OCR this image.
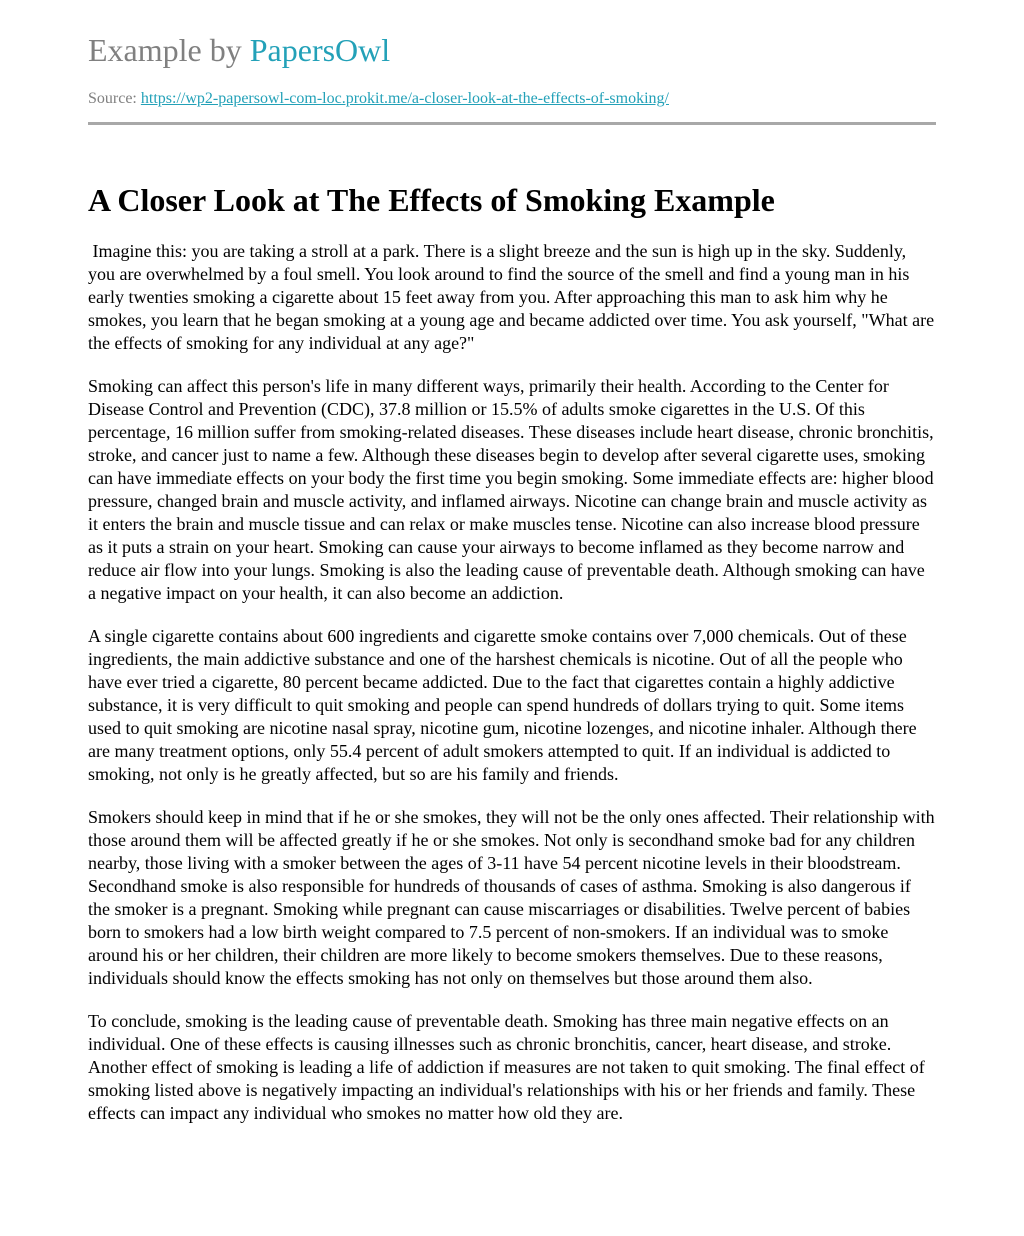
Example by PapersOwl
Source: https://wp2-papersowl-com-loc.prokit.me/a-closer-look-at-the-effects-of-smoking/
A Closer Look at The Effects of Smoking Example

Imagine this: you are taking a stroll at a park. There is a slight breeze and the sun is high up in the sky. Suddenly, you are overwhelmed by a foul smell. You look around to find the source of the smell and find a young man in his early twenties smoking a cigarette about 15 feet away from you. After approaching this man to ask him why he smokes, you learn that he began smoking at a young age and became addicted over time. You ask yourself, "What are the effects of smoking for any individual at any age?"

Smoking can affect this person's life in many different ways, primarily their health. According to the Center for Disease Control and Prevention (CDC), 37.8 million or 15.5% of adults smoke cigarettes in the U.S. Of this percentage, 16 million suffer from smoking-related diseases. These diseases include heart disease, chronic bronchitis, stroke, and cancer just to name a few. Although these diseases begin to develop after several cigarette uses, smoking can have immediate effects on your body the first time you begin smoking. Some immediate effects are: higher blood pressure, changed brain and muscle activity, and inflamed airways. Nicotine can change brain and muscle activity as it enters the brain and muscle tissue and can relax or make muscles tense. Nicotine can also increase blood pressure as it puts a strain on your heart. Smoking can cause your airways to become inflamed as they become narrow and reduce air flow into your lungs. Smoking is also the leading cause of preventable death. Although smoking can have a negative impact on your health, it can also become an addiction.

A single cigarette contains about 600 ingredients and cigarette smoke contains over 7,000 chemicals. Out of these ingredients, the main addictive substance and one of the harshest chemicals is nicotine. Out of all the people who have ever tried a cigarette, 80 percent became addicted. Due to the fact that cigarettes contain a highly addictive substance, it is very difficult to quit smoking and people can spend hundreds of dollars trying to quit. Some items used to quit smoking are nicotine nasal spray, nicotine gum, nicotine lozenges, and nicotine inhaler. Although there are many treatment options, only 55.4 percent of adult smokers attempted to quit. If an individual is addicted to smoking, not only is he greatly affected, but so are his family and friends.

Smokers should keep in mind that if he or she smokes, they will not be the only ones affected. Their relationship with those around them will be affected greatly if he or she smokes. Not only is secondhand smoke bad for any children nearby, those living with a smoker between the ages of 3-11 have 54 percent nicotine levels in their bloodstream. Secondhand smoke is also responsible for hundreds of thousands of cases of asthma. Smoking is also dangerous if the smoker is a pregnant. Smoking while pregnant can cause miscarriages or disabilities. Twelve percent of babies born to smokers had a low birth weight compared to 7.5 percent of non-smokers. If an individual was to smoke around his or her children, their children are more likely to become smokers themselves. Due to these reasons, individuals should know the effects smoking has not only on themselves but those around them also.

To conclude, smoking is the leading cause of preventable death. Smoking has three main negative effects on an individual. One of these effects is causing illnesses such as chronic bronchitis, cancer, heart disease, and stroke. Another effect of smoking is leading a life of addiction if measures are not taken to quit smoking. The final effect of smoking listed above is negatively impacting an individual's relationships with his or her friends and family. These effects can impact any individual who smokes no matter how old they are.
